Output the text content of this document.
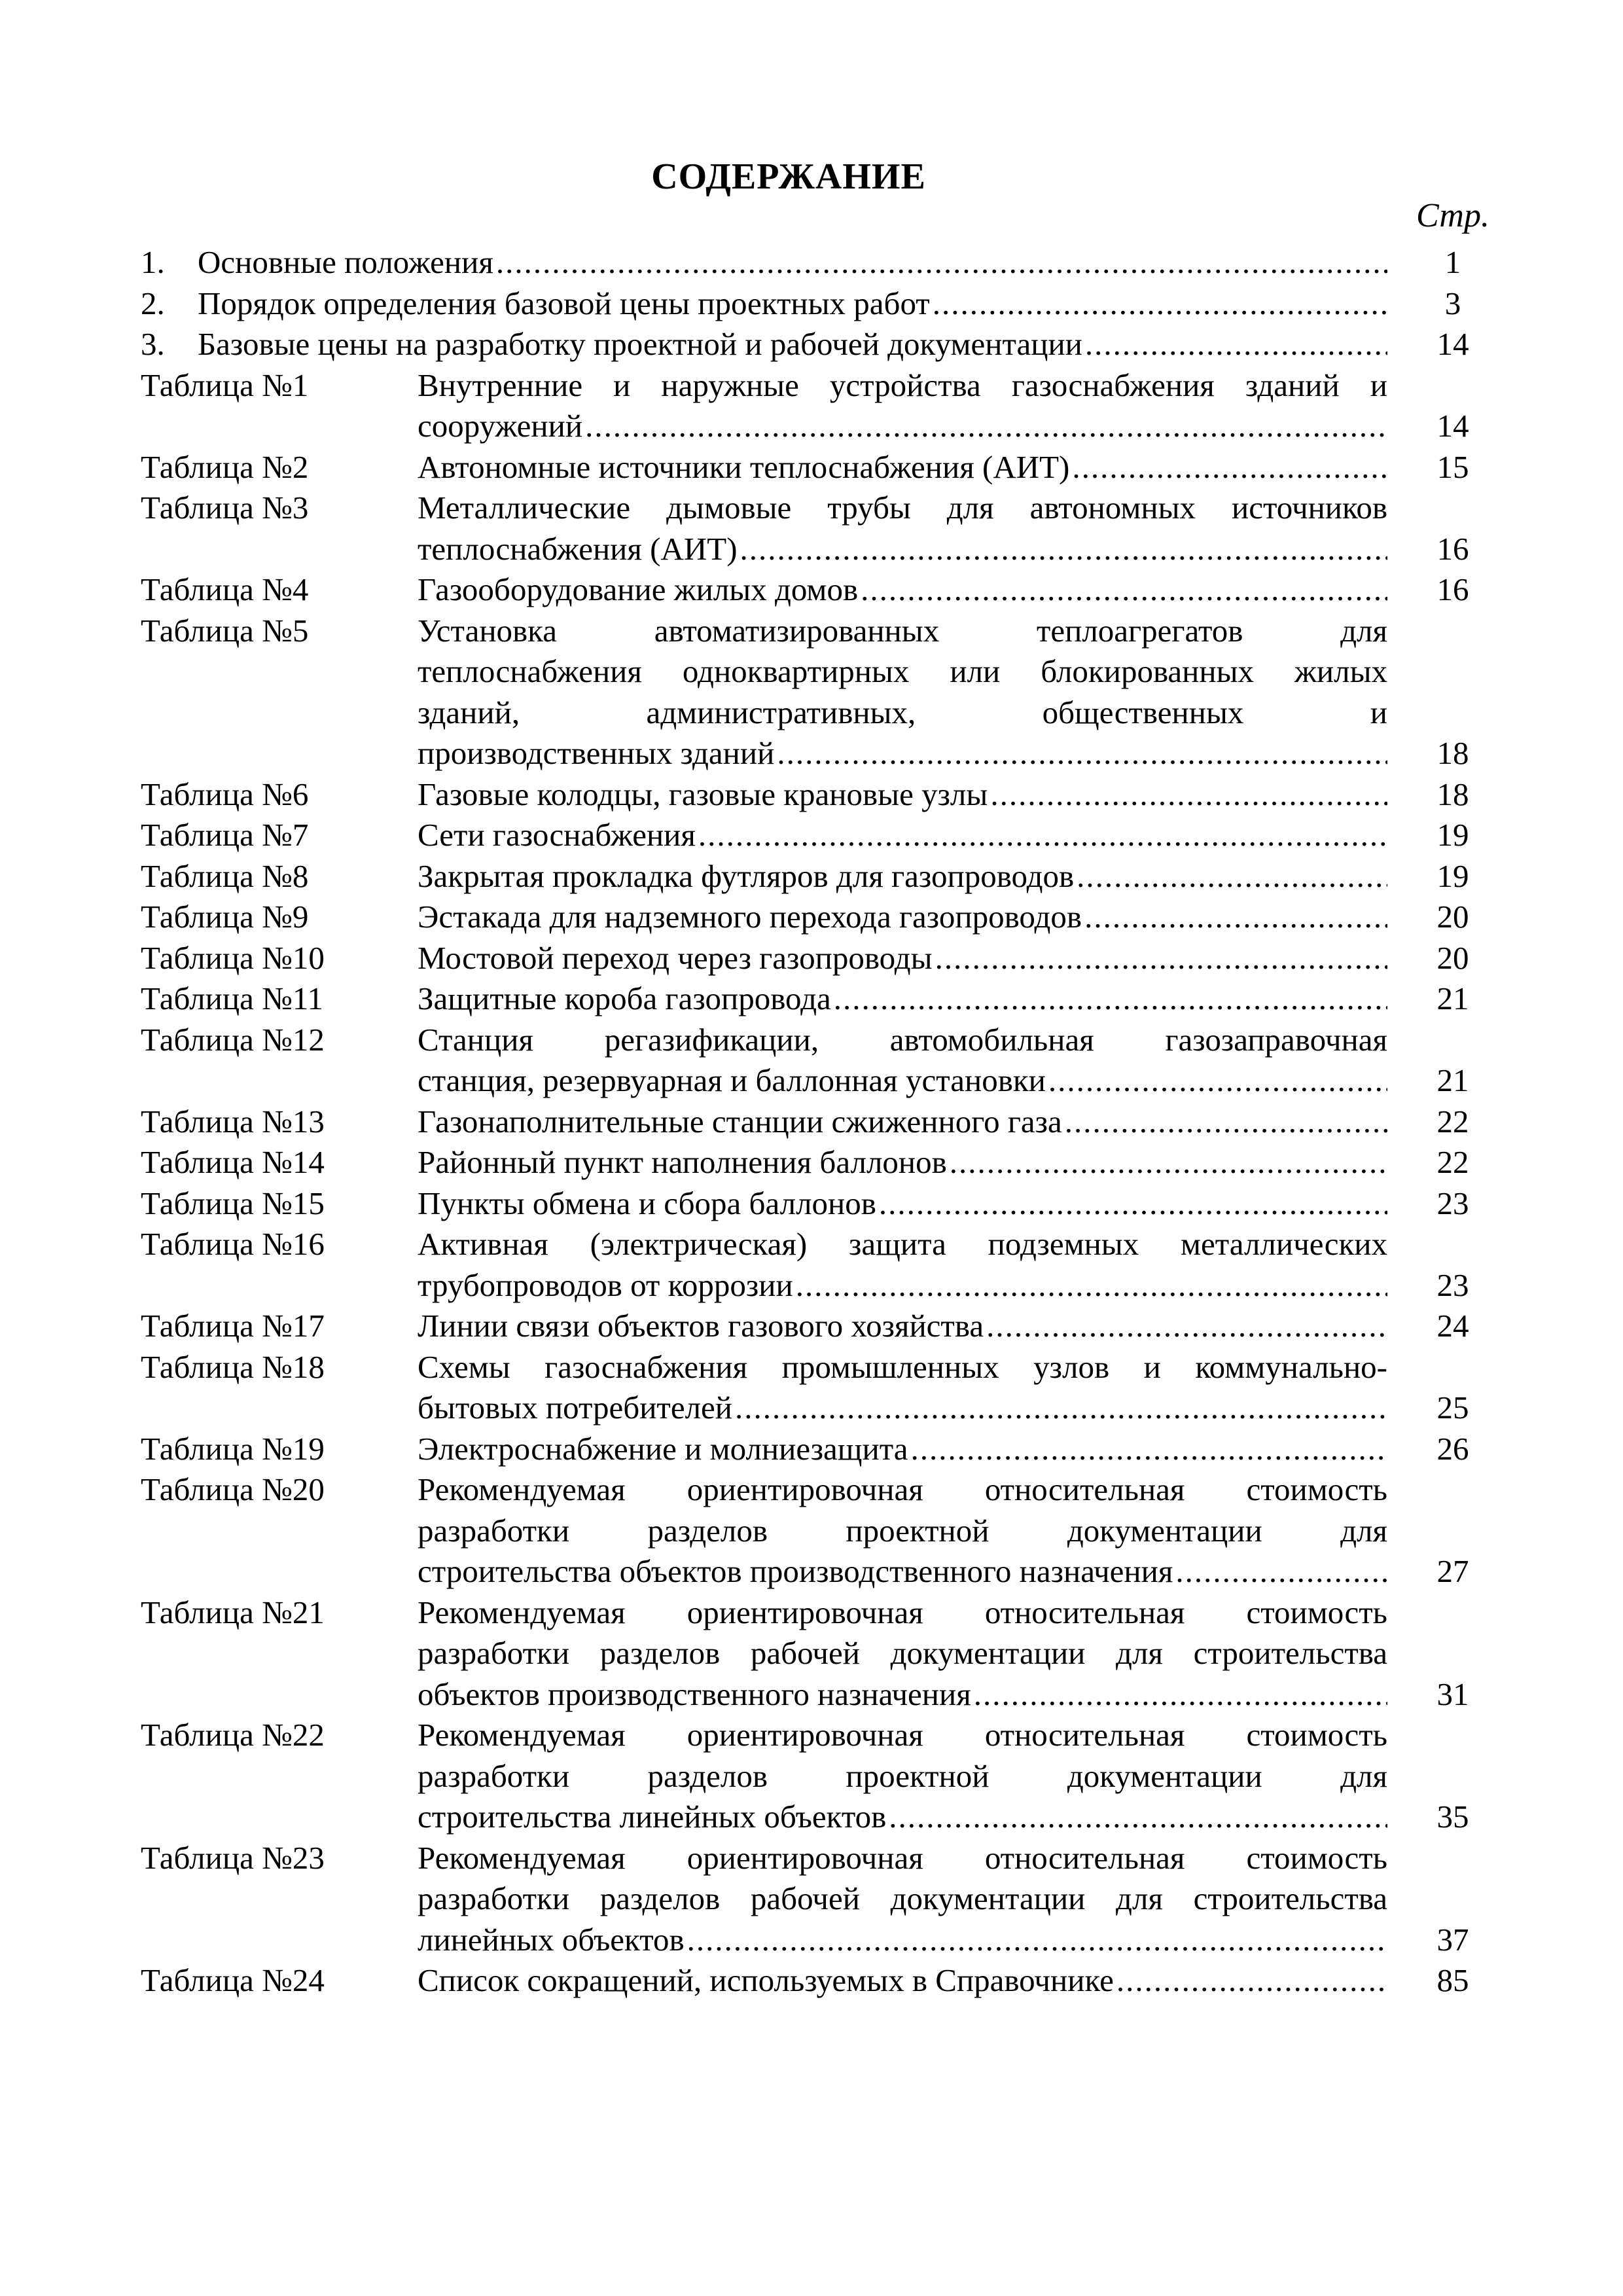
СОДЕРЖАНИЕ
Стр.
1. Основные положения .....	1
2. Порядок определения базовой цены проектных работ .....	3
3. Базовые цены на разработку проектной и рабочей документации .....	14
Таблица №1	Внутренние и наружные устройства газоснабжения зданий и
сооружений .....	14
Таблица №2	Автономные источники теплоснабжения (АИТ) .....	15
Таблица №3	Металлические дымовые трубы для автономных источников
теплоснабжения (АИТ) .....	16
Таблица №4	Газооборудование жилых домов .....	16
Таблица №5	Установка автоматизированных теплоагрегатов для
теплоснабжения одноквартирных или блокированных жилых
зданий, административных, общественных и
производственных зданий .....	18
Таблица №6	Газовые колодцы, газовые крановые узлы .....	18
Таблица №7	Сети газоснабжения .....	19
Таблица №8	Закрытая прокладка футляров для газопроводов .....	19
Таблица №9	Эстакада для надземного перехода газопроводов .....	20
Таблица №10	Мостовой переход через газопроводы .....	20
Таблица №11	Защитные короба газопровода .....	21
Таблица №12	Станция регазификации, автомобильная газозаправочная
станция, резервуарная и баллонная установки .....	21
Таблица №13	Газонаполнительные станции сжиженного газа .....	22
Таблица №14	Районный пункт наполнения баллонов .....	22
Таблица №15	Пункты обмена и сбора баллонов .....	23
Таблица №16	Активная (электрическая) защита подземных металлических
трубопроводов от коррозии .....	23
Таблица №17	Линии связи объектов газового хозяйства .....	24
Таблица №18	Схемы газоснабжения промышленных узлов и коммунально-
бытовых потребителей .....	25
Таблица №19	Электроснабжение и молниезащита .....	26
Таблица №20	Рекомендуемая ориентировочная относительная стоимость
разработки разделов проектной документации для
строительства объектов производственного назначения .....	27
Таблица №21	Рекомендуемая ориентировочная относительная стоимость
разработки разделов рабочей документации для строительства
объектов производственного назначения .....	31
Таблица №22	Рекомендуемая ориентировочная относительная стоимость
разработки разделов проектной документации для
строительства линейных объектов .....	35
Таблица №23	Рекомендуемая ориентировочная относительная стоимость
разработки разделов рабочей документации для строительства
линейных объектов .....	37
Таблица №24	Список сокращений, используемых в Справочнике .....	85
